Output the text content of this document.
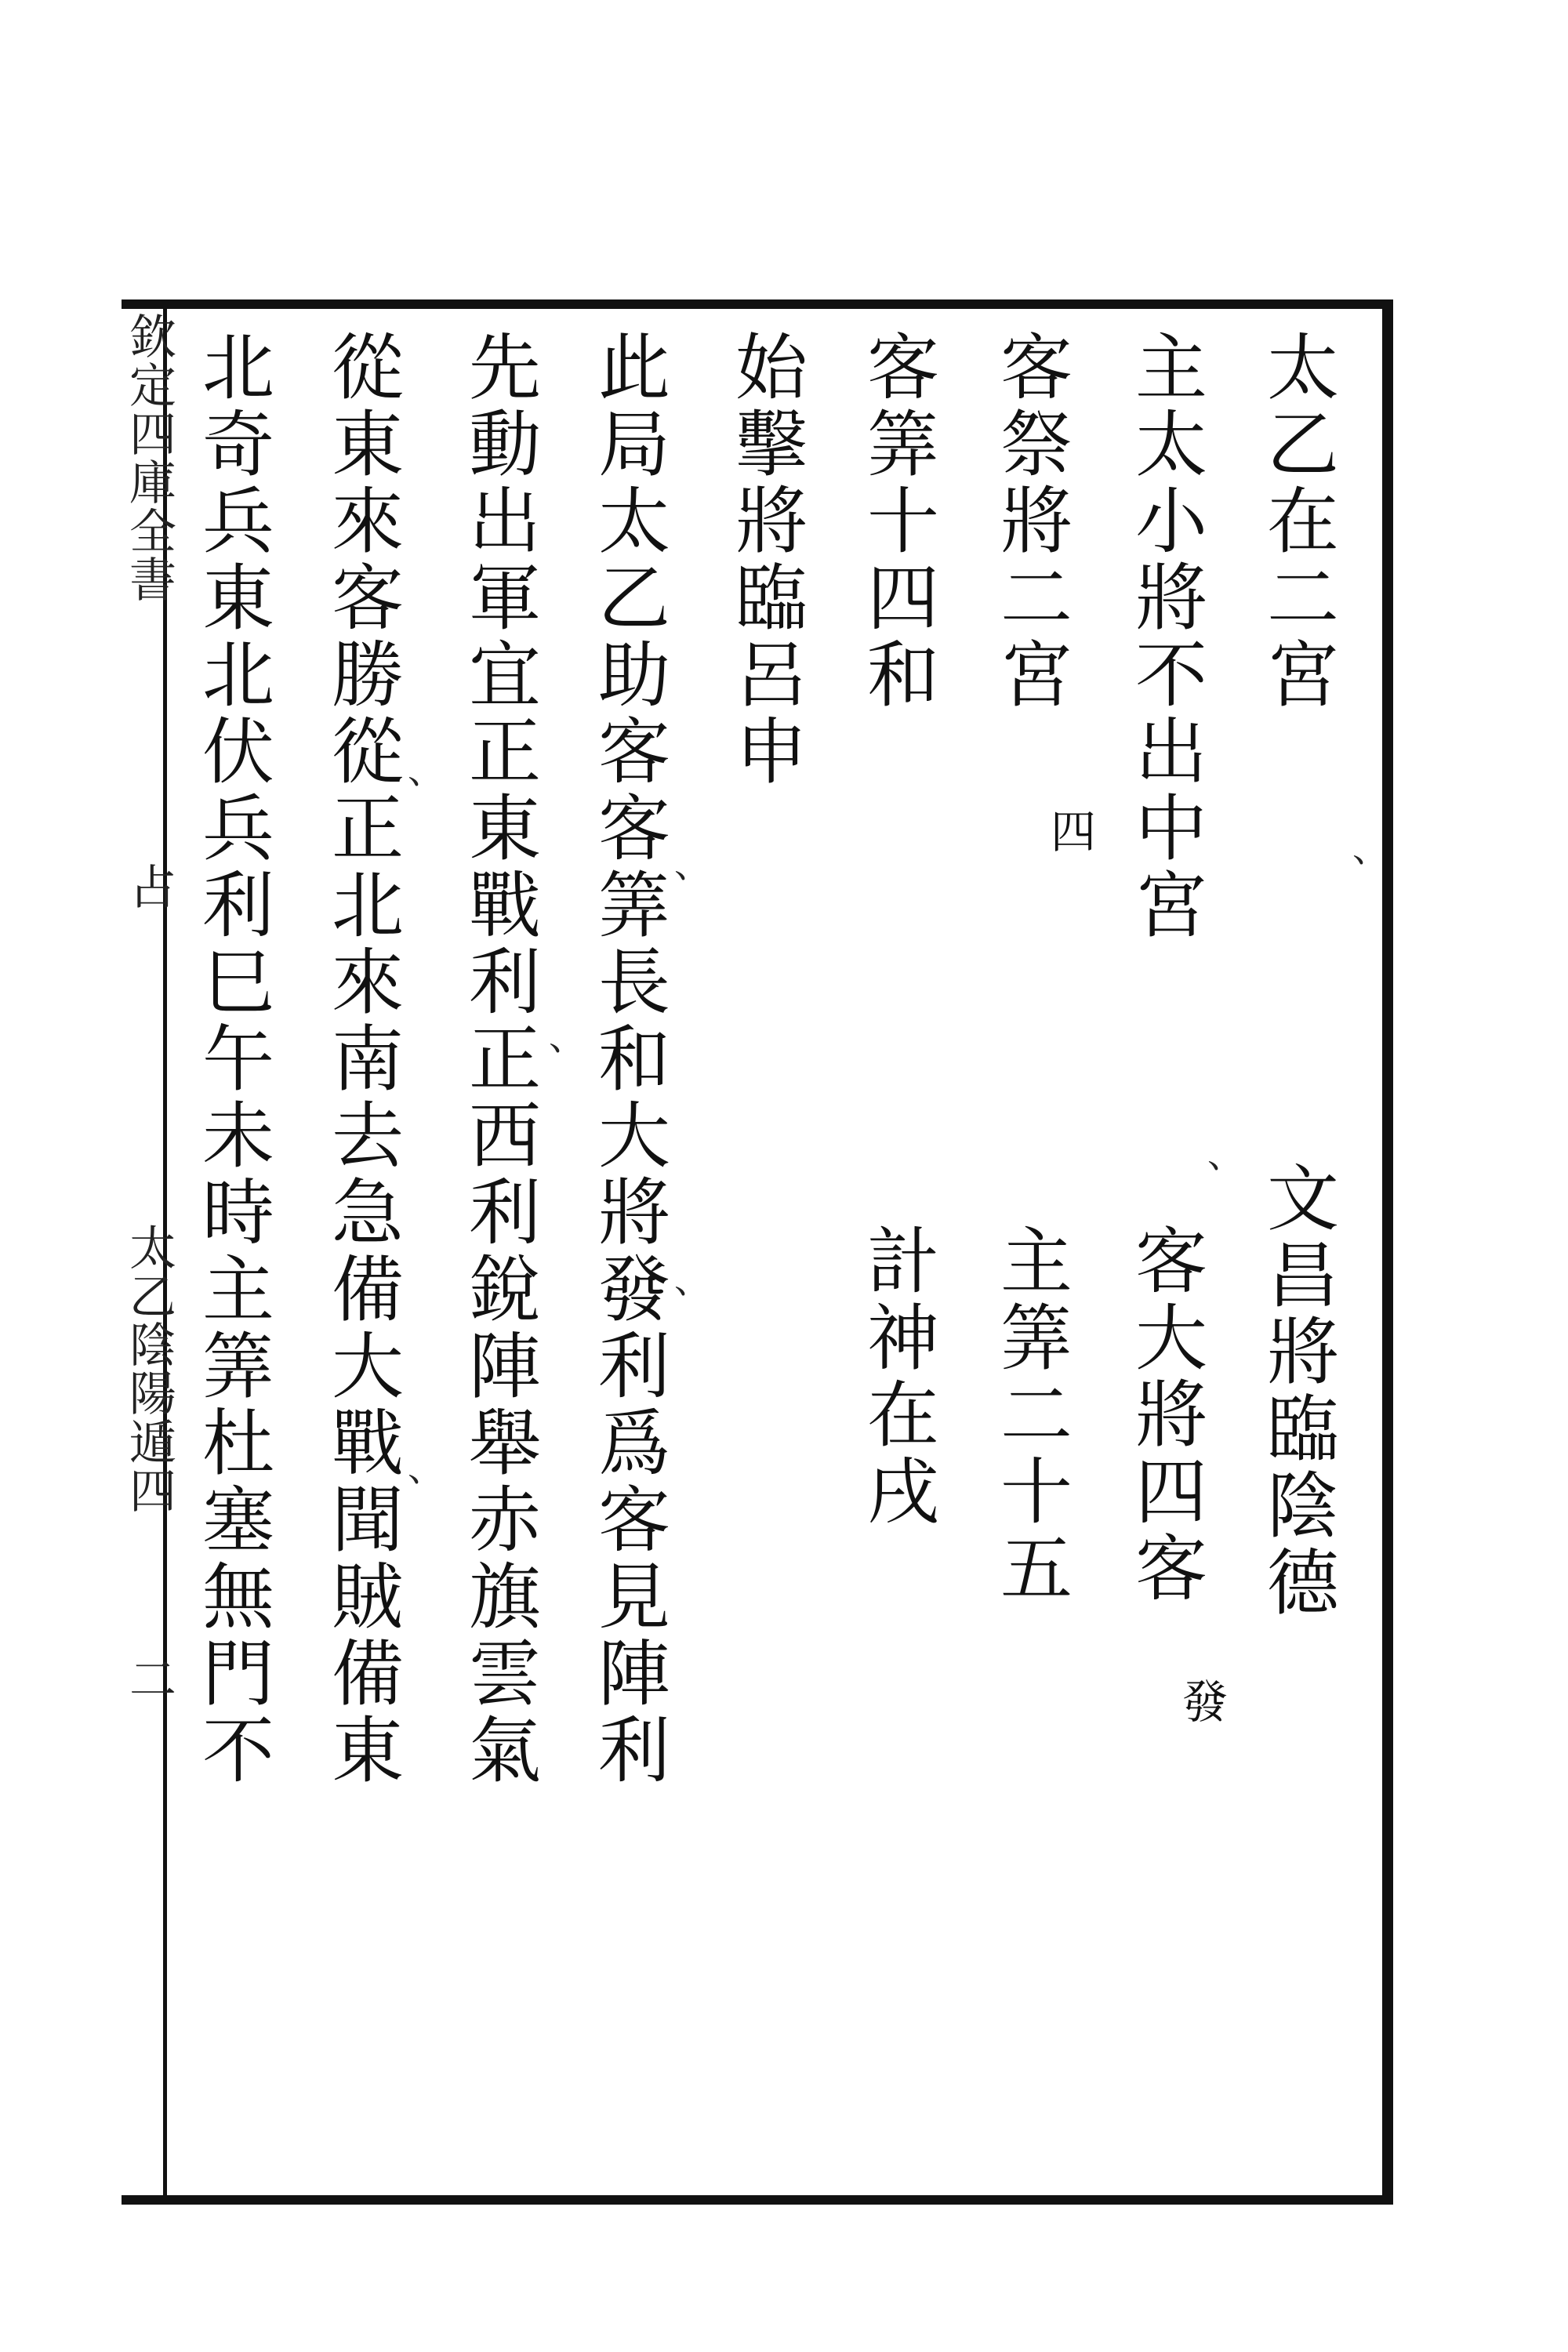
太乙在二宮
文昌將臨陰德
主太小將不出中宮
客大將四客
發
客祭將二宮
四
主筭二十五
客筭十四和
計神在戌
始擊將臨呂申
此局太乙助客客筭長和大將發利爲客見陣利
先動出軍宜正東戰利正西利銳陣舉赤旗雲氣
從東來客勝從正北來南去急備大戰聞賊備東
北奇兵東北伏兵利巳午未時主筭杜塞無門不	、
、
、
、
、
、
、
欽定四庫全書
占
太乙陰陽遁四
二
